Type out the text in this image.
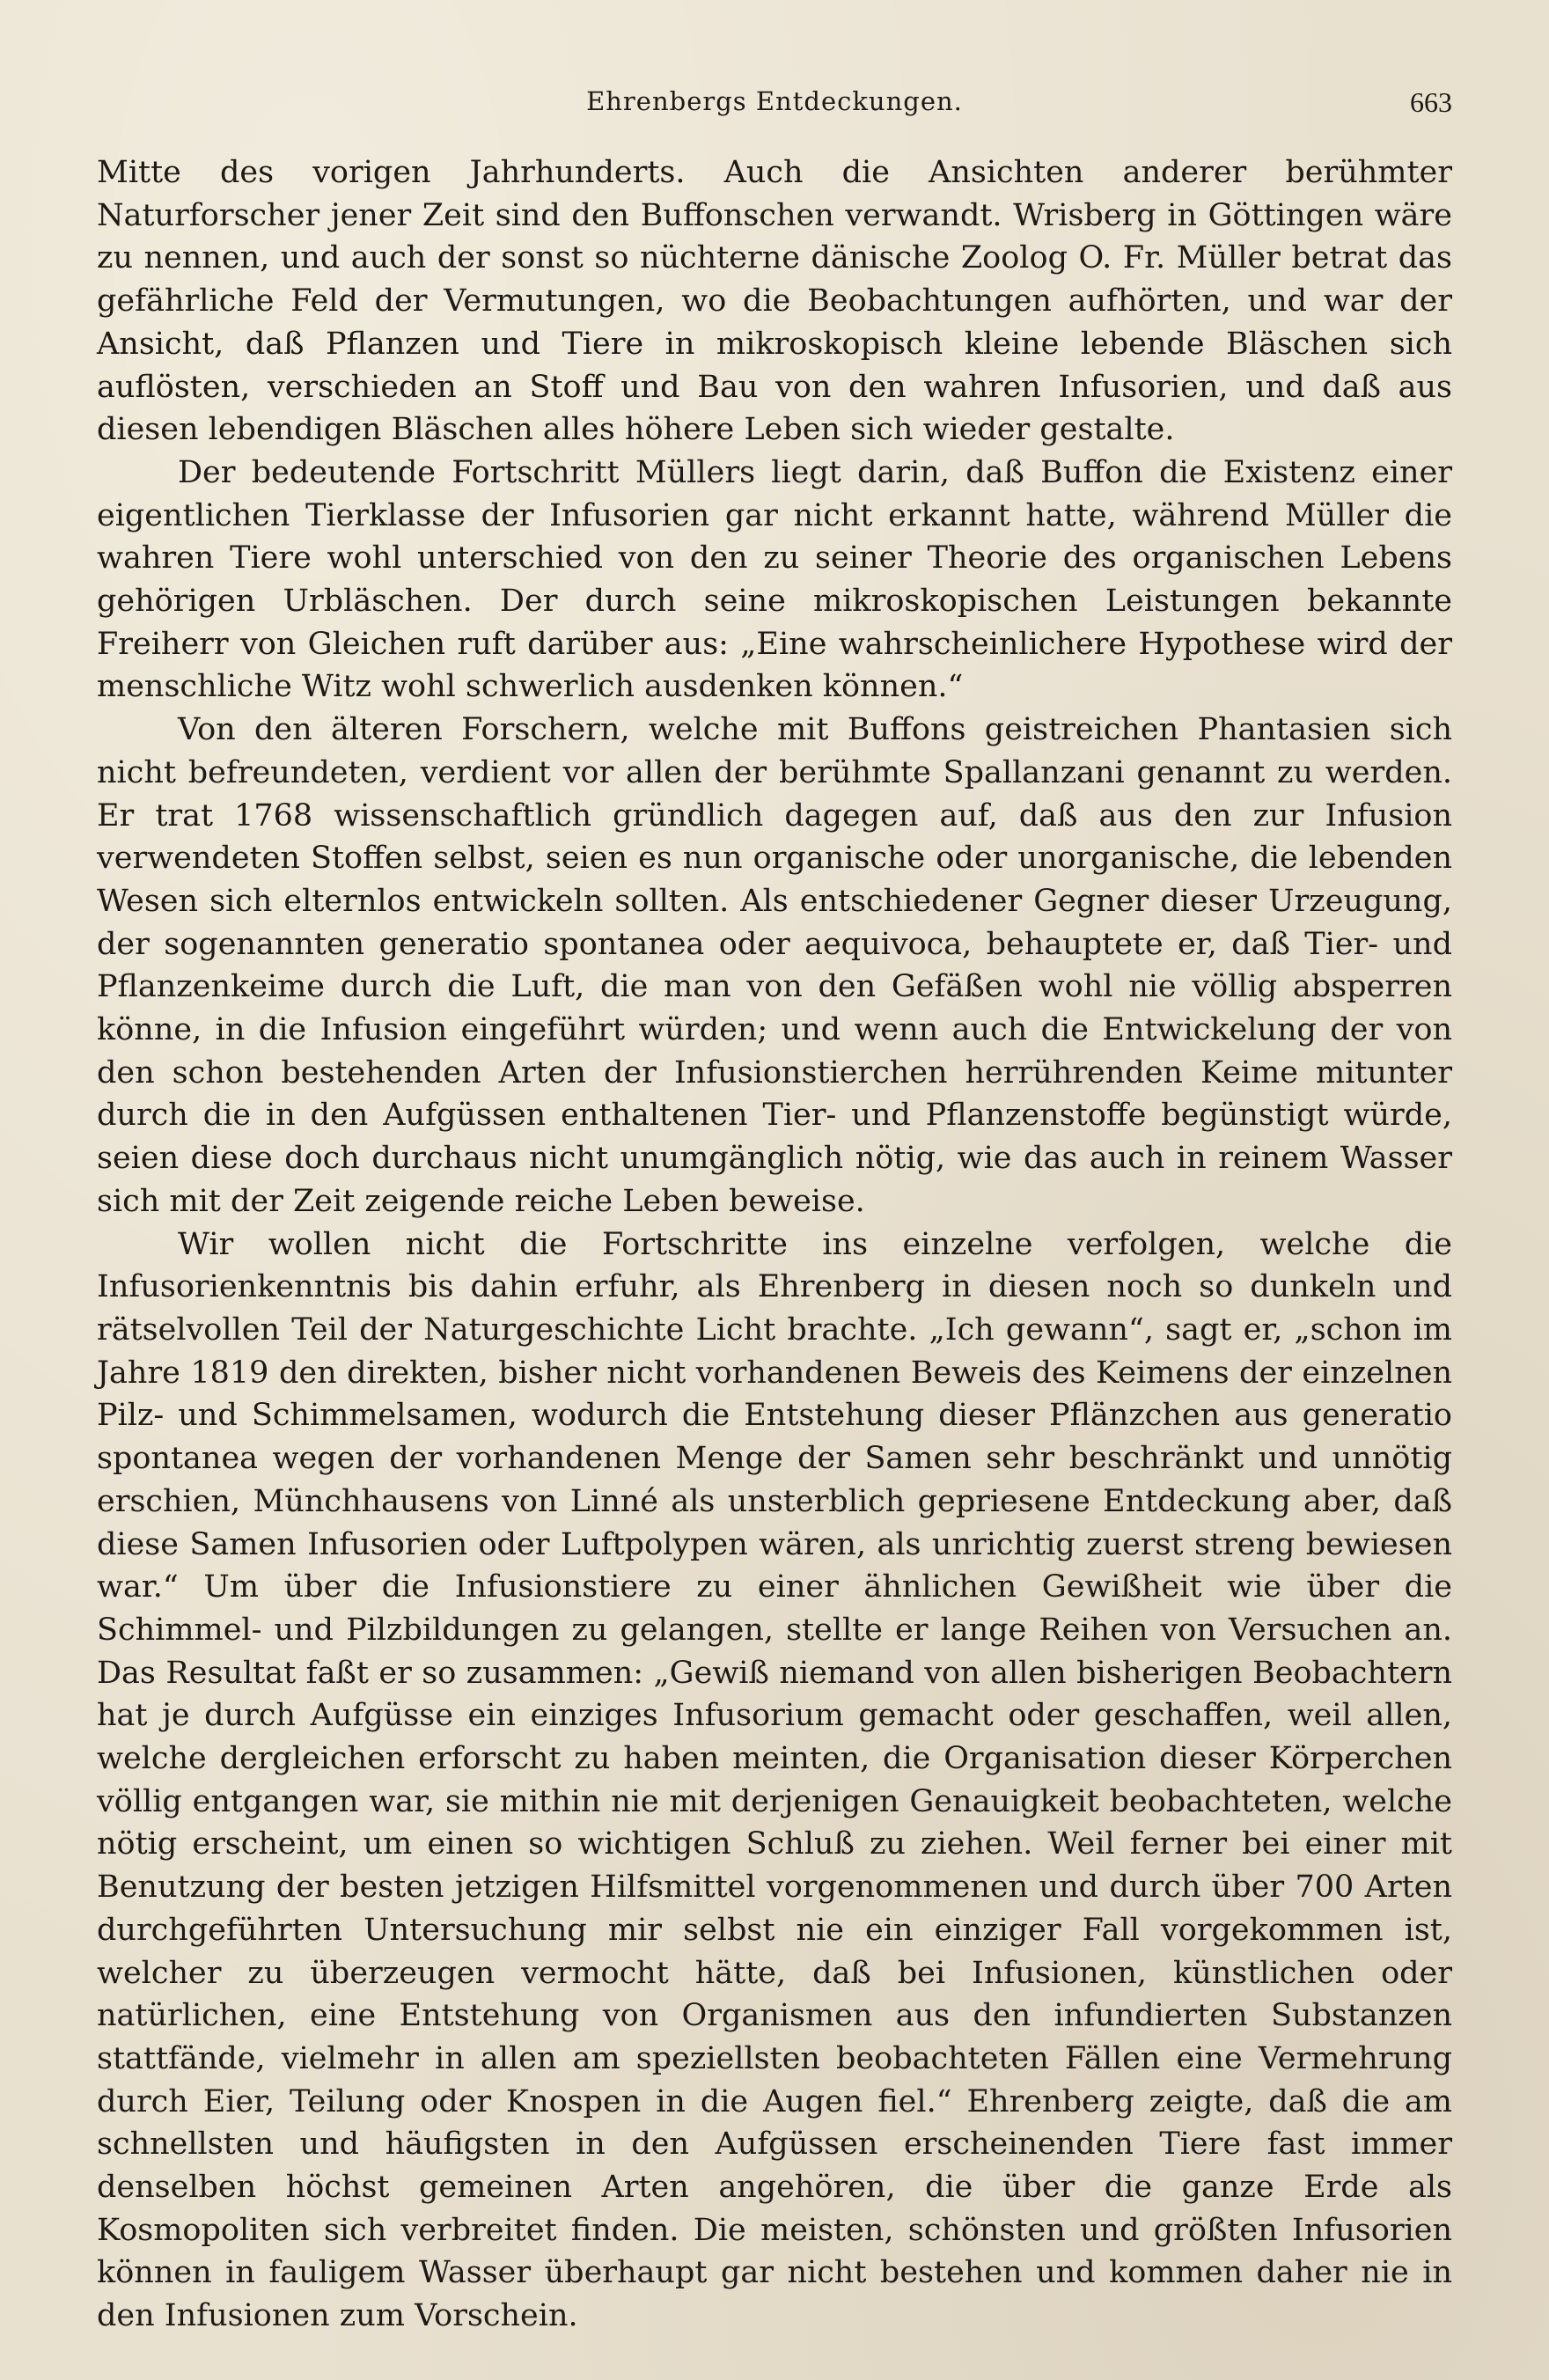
Ehrenbergs Entdeckungen.	663

Mitte des vorigen Jahrhunderts. Auch die Ansichten anderer berühmter Naturforscher jener Zeit sind den Buffonschen verwandt. Wrisberg in Göttingen wäre zu nennen, und auch der sonst so nüchterne dänische Zoolog O. Fr. Müller betrat das gefährliche Feld der Vermutungen, wo die Beobachtungen aufhörten, und war der Ansicht, daß Pflanzen und Tiere in mikroskopisch kleine lebende Bläschen sich auflösten, verschieden an Stoff und Bau von den wahren Infusorien, und daß aus diesen lebendigen Bläschen alles höhere Leben sich wieder gestalte.

Der bedeutende Fortschritt Müllers liegt darin, daß Buffon die Existenz einer eigentlichen Tierklasse der Infusorien gar nicht erkannt hatte, während Müller die wahren Tiere wohl unterschied von den zu seiner Theorie des organischen Lebens gehörigen Urbläschen. Der durch seine mikroskopischen Leistungen bekannte Freiherr von Gleichen ruft darüber aus: „Eine wahrscheinlichere Hypothese wird der menschliche Witz wohl schwerlich ausdenken können.“

Von den älteren Forschern, welche mit Buffons geistreichen Phantasien sich nicht befreundeten, verdient vor allen der berühmte Spallanzani genannt zu werden. Er trat 1768 wissenschaftlich gründlich dagegen auf, daß aus den zur Infusion verwendeten Stoffen selbst, seien es nun organische oder unorganische, die lebenden Wesen sich elternlos entwickeln sollten. Als entschiedener Gegner dieser Urzeugung, der sogenannten generatio spontanea oder aequivoca, behauptete er, daß Tier- und Pflanzenkeime durch die Luft, die man von den Gefäßen wohl nie völlig absperren könne, in die Infusion eingeführt würden; und wenn auch die Entwickelung der von den schon bestehenden Arten der Infusionstierchen herrührenden Keime mitunter durch die in den Aufgüssen enthaltenen Tier- und Pflanzenstoffe begünstigt würde, seien diese doch durchaus nicht unumgänglich nötig, wie das auch in reinem Wasser sich mit der Zeit zeigende reiche Leben beweise.

Wir wollen nicht die Fortschritte ins einzelne verfolgen, welche die Infusorienkenntnis bis dahin erfuhr, als Ehrenberg in diesen noch so dunkeln und rätselvollen Teil der Naturgeschichte Licht brachte. „Ich gewann“, sagt er, „schon im Jahre 1819 den direkten, bisher nicht vorhandenen Beweis des Keimens der einzelnen Pilz- und Schimmelsamen, wodurch die Entstehung dieser Pflänzchen aus generatio spontanea wegen der vorhandenen Menge der Samen sehr beschränkt und unnötig erschien, Münchhausens von Linné als unsterblich gepriesene Entdeckung aber, daß diese Samen Infusorien oder Luftpolypen wären, als unrichtig zuerst streng bewiesen war.“ Um über die Infusionstiere zu einer ähnlichen Gewißheit wie über die Schimmel- und Pilzbildungen zu gelangen, stellte er lange Reihen von Versuchen an. Das Resultat faßt er so zusammen: „Gewiß niemand von allen bisherigen Beobachtern hat je durch Aufgüsse ein einziges Infusorium gemacht oder geschaffen, weil allen, welche dergleichen erforscht zu haben meinten, die Organisation dieser Körperchen völlig entgangen war, sie mithin nie mit derjenigen Genauigkeit beobachteten, welche nötig erscheint, um einen so wichtigen Schluß zu ziehen. Weil ferner bei einer mit Benutzung der besten jetzigen Hilfsmittel vorgenommenen und durch über 700 Arten durchgeführten Untersuchung mir selbst nie ein einziger Fall vorgekommen ist, welcher zu überzeugen vermocht hätte, daß bei Infusionen, künstlichen oder natürlichen, eine Entstehung von Organismen aus den infundierten Substanzen stattfände, vielmehr in allen am speziellsten beobachteten Fällen eine Vermehrung durch Eier, Teilung oder Knospen in die Augen fiel.“ Ehrenberg zeigte, daß die am schnellsten und häufigsten in den Aufgüssen erscheinenden Tiere fast immer denselben höchst gemeinen Arten angehören, die über die ganze Erde als Kosmopoliten sich verbreitet finden. Die meisten, schönsten und größten Infusorien können in fauligem Wasser überhaupt gar nicht bestehen und kommen daher nie in den Infusionen zum Vorschein.
